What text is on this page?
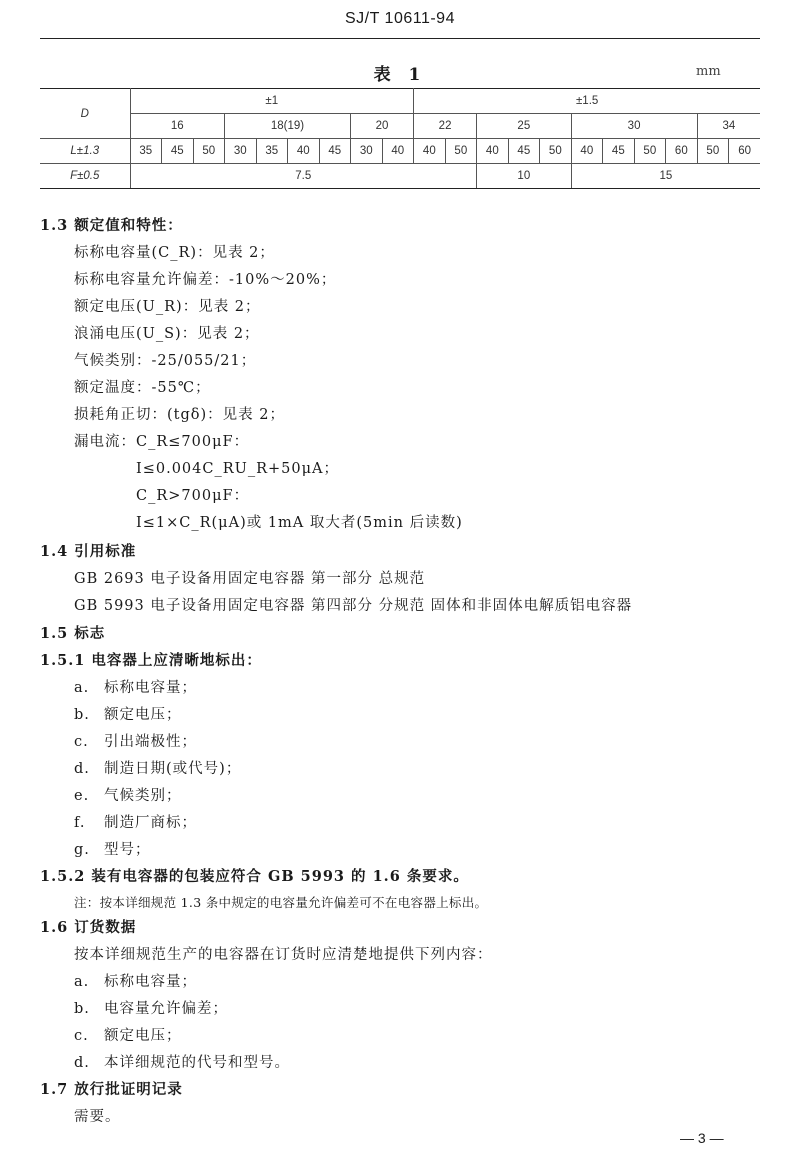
SJ/T 10611-94
表 1	mm
D	±1									±1.5										
	16			18(19)				20		22		25			30				34	
L±1.3	35	45	50	30	35	40	45	30	40	40	50	40	45	50	40	45	50	60	50	60
F±0.5	7.5											10			15					
1.3 额定值和特性：
标称电容量(C_R)：见表 2；
标称电容量允许偏差：-10%～20%；
额定电压(U_R)：见表 2；
浪涌电压(U_S)：见表 2；
气候类别：-25/055/21；
额定温度：-55℃；
损耗角正切：(tgδ)：见表 2；
漏电流：C_R≤700μF：
I≤0.004C_RU_R+50μA；
C_R>700μF：
I≤1×C_R(μA)或 1mA 取大者(5min 后读数)
1.4 引用标准
GB 2693 电子设备用固定电容器 第一部分 总规范
GB 5993 电子设备用固定电容器 第四部分 分规范 固体和非固体电解质铝电容器
1.5 标志
1.5.1 电容器上应清晰地标出：
a. 标称电容量；
b. 额定电压；
c. 引出端极性；
d. 制造日期(或代号)；
e. 气候类别；
f. 制造厂商标；
g. 型号；
1.5.2 装有电容器的包装应符合 GB 5993 的 1.6 条要求。
注：按本详细规范 1.3 条中规定的电容量允许偏差可不在电容器上标出。
1.6 订货数据
按本详细规范生产的电容器在订货时应清楚地提供下列内容：
a. 标称电容量；
b. 电容量允许偏差；
c. 额定电压；
d. 本详细规范的代号和型号。
1.7 放行批证明记录
需要。
— 3 —
